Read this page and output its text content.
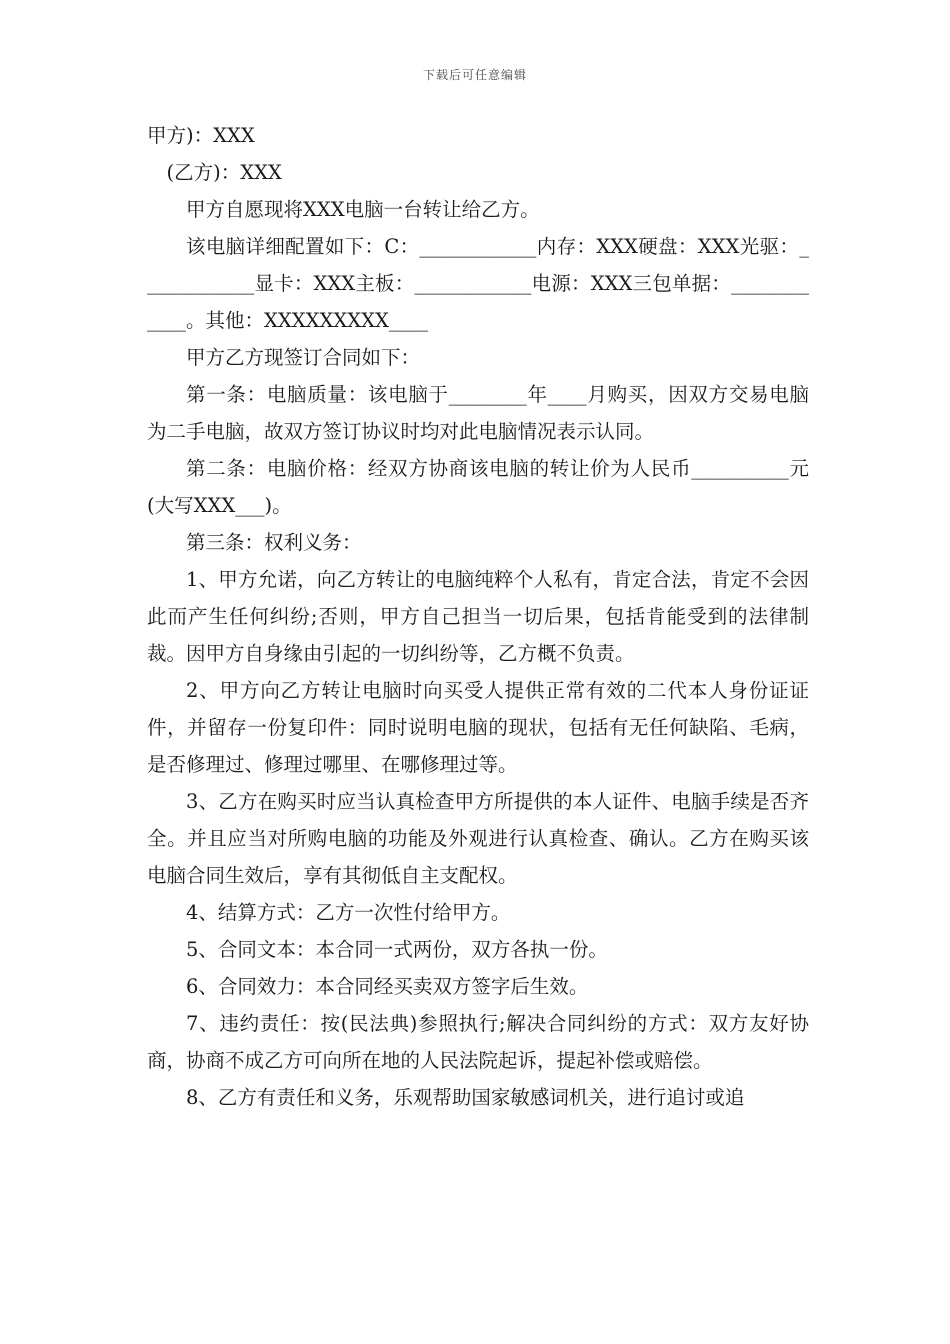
下载后可任意编辑

甲方)：XXX

(乙方)：XXX

甲方自愿现将XXX电脑一台转让给乙方。

该电脑详细配置如下：C：____________内存：XXX硬盘：XXX光驱：____________显卡：XXX主板：____________电源：XXX三包单据：____________。其他：XXXXXXXXX____

甲方乙方现签订合同如下：

第一条：电脑质量：该电脑于________年____月购买，因双方交易电脑为二手电脑，故双方签订协议时均对此电脑情况表示认同。

第二条：电脑价格：经双方协商该电脑的转让价为人民币__________元(大写XXX___)。

第三条：权利义务：

1、甲方允诺，向乙方转让的电脑纯粹个人私有，肯定合法，肯定不会因此而产生任何纠纷;否则，甲方自己担当一切后果，包括肯能受到的法律制裁。因甲方自身缘由引起的一切纠纷等，乙方概不负责。

2、甲方向乙方转让电脑时向买受人提供正常有效的二代本人身份证证件，并留存一份复印件：同时说明电脑的现状，包括有无任何缺陷、毛病，是否修理过、修理过哪里、在哪修理过等。

3、乙方在购买时应当认真检查甲方所提供的本人证件、电脑手续是否齐全。并且应当对所购电脑的功能及外观进行认真检查、确认。乙方在购买该电脑合同生效后，享有其彻低自主支配权。

4、结算方式：乙方一次性付给甲方。

5、合同文本：本合同一式两份，双方各执一份。

6、合同效力：本合同经买卖双方签字后生效。

7、违约责任：按(民法典)参照执行;解决合同纠纷的方式：双方友好协商，协商不成乙方可向所在地的人民法院起诉，提起补偿或赔偿。

8、乙方有责任和义务，乐观帮助国家敏感词机关，进行追讨或追
